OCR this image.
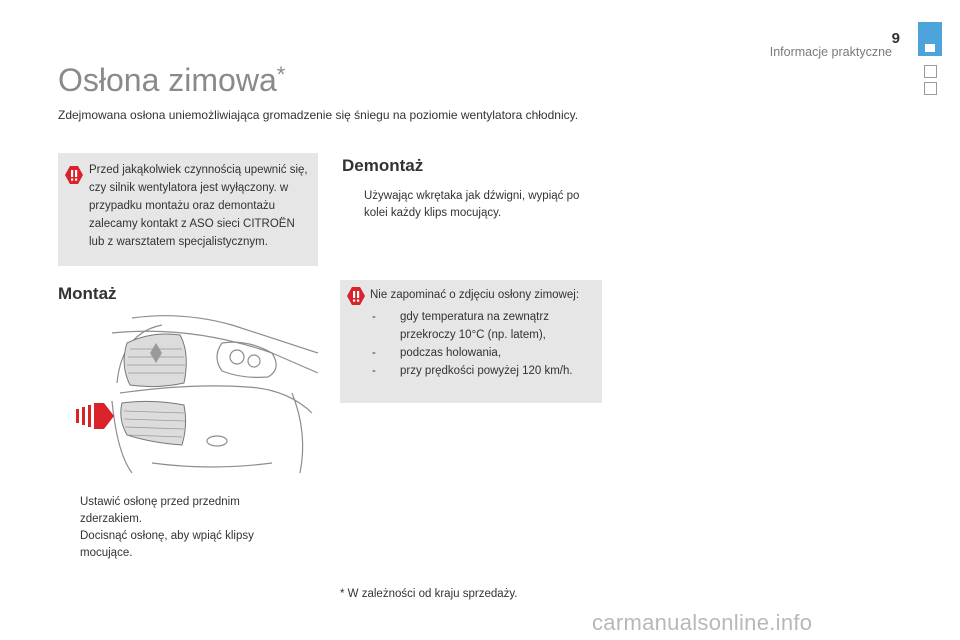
9
Informacje praktyczne
Osłona zimowa*
Zdejmowana osłona uniemożliwiająca gromadzenie się śniegu na poziomie wentylatora chłodnicy.
Przed jakąkolwiek czynnością upewnić się, czy silnik wentylatora jest wyłączony. w przypadku montażu oraz demontażu zalecamy kontakt z ASO sieci CITROËN lub z warsztatem specjalistycznym.
Demontaż
Używając wkrętaka jak dźwigni, wypiąć po kolei każdy klips mocujący.
Montaż	Nie zapominać o zdjęciu osłony zimowej:
- gdy temperatura na zewnątrz przekroczy 10°C (np. latem),
- podczas holowania,
- przy prędkości powyżej 120 km/h.
Ustawić osłonę przed przednim zderzakiem.
Docisnąć osłonę, aby wpiąć klipsy mocujące.
* W zależności od kraju sprzedaży.
carmanualsonline.info
